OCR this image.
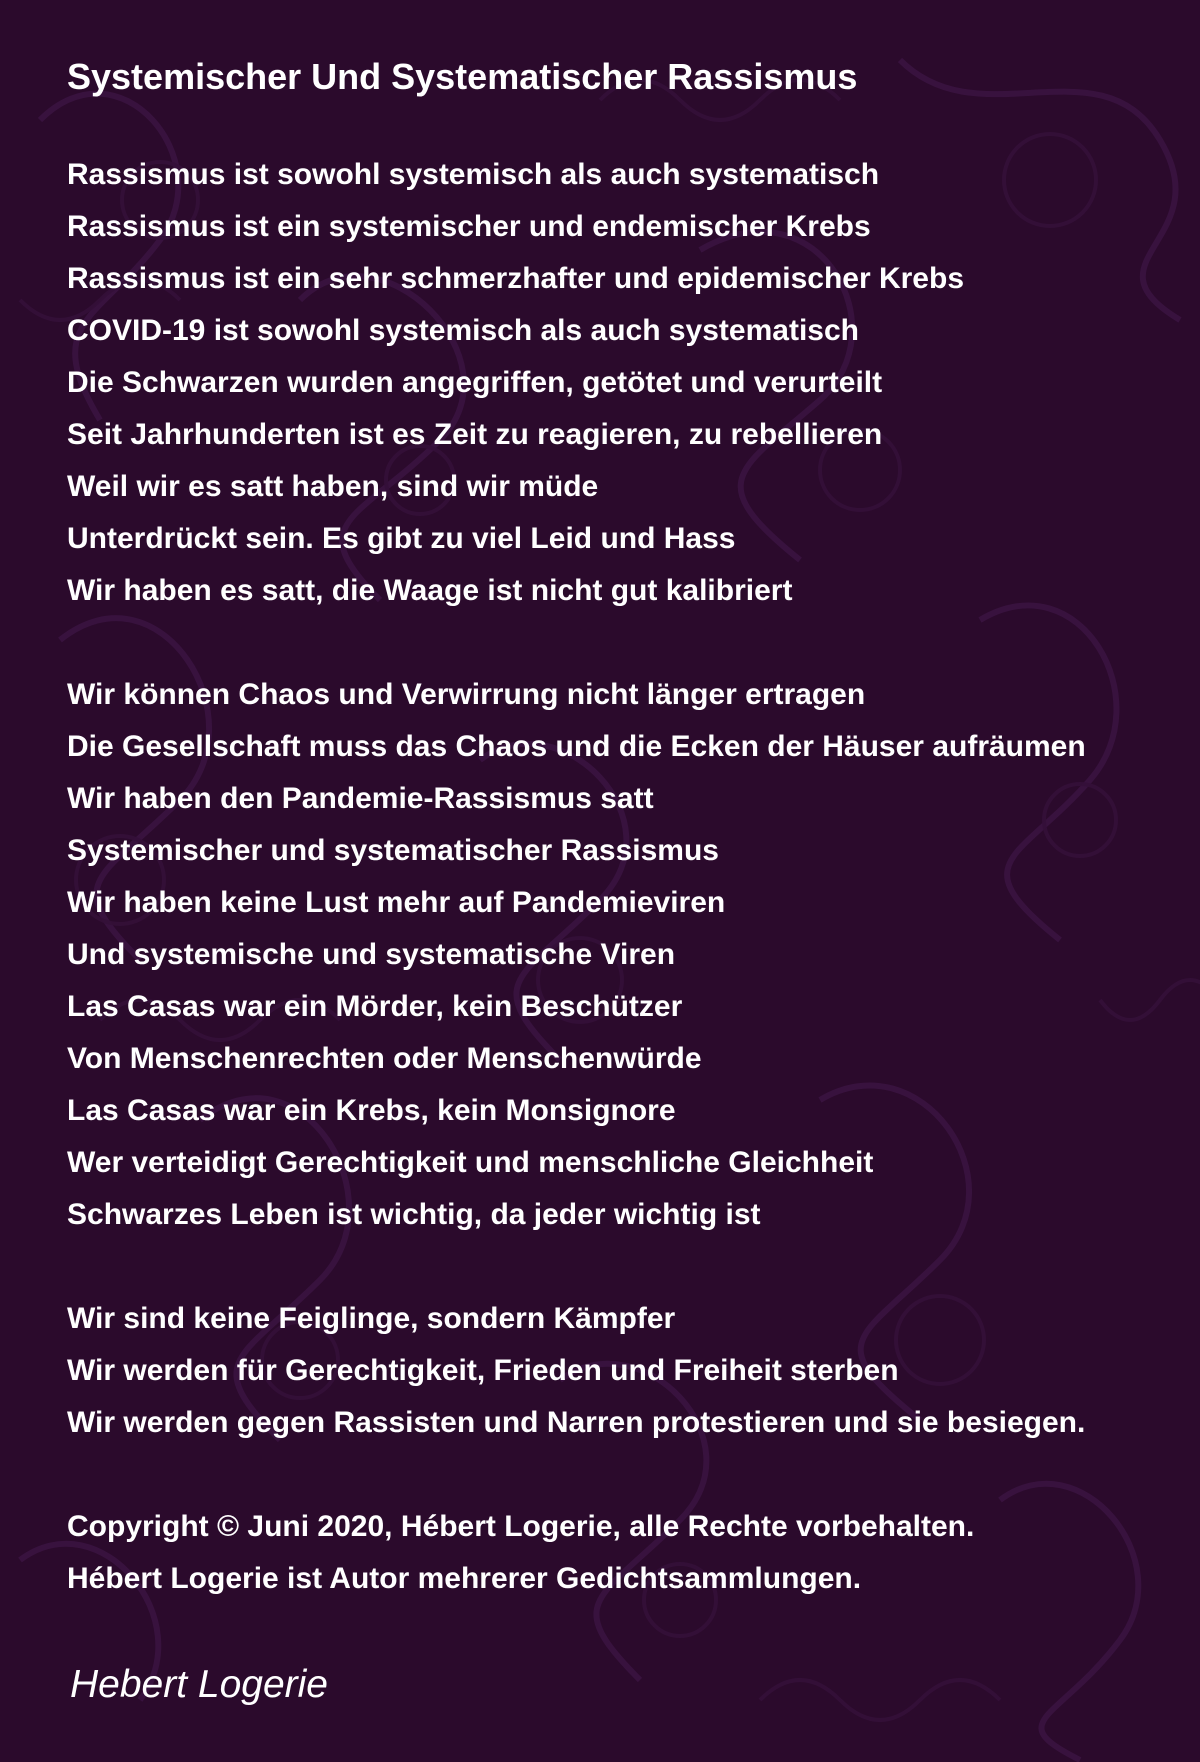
Systemischer Und Systematischer Rassismus
Rassismus ist sowohl systemisch als auch systematisch
Rassismus ist ein systemischer und endemischer Krebs
Rassismus ist ein sehr schmerzhafter und epidemischer Krebs
COVID-19 ist sowohl systemisch als auch systematisch
Die Schwarzen wurden angegriffen, getötet und verurteilt
Seit Jahrhunderten ist es Zeit zu reagieren, zu rebellieren
Weil wir es satt haben, sind wir müde
Unterdrückt sein. Es gibt zu viel Leid und Hass
Wir haben es satt, die Waage ist nicht gut kalibriert
Wir können Chaos und Verwirrung nicht länger ertragen
Die Gesellschaft muss das Chaos und die Ecken der Häuser aufräumen
Wir haben den Pandemie-Rassismus satt
Systemischer und systematischer Rassismus
Wir haben keine Lust mehr auf Pandemieviren
Und systemische und systematische Viren
Las Casas war ein Mörder, kein Beschützer
Von Menschenrechten oder Menschenwürde
Las Casas war ein Krebs, kein Monsignore
Wer verteidigt Gerechtigkeit und menschliche Gleichheit
Schwarzes Leben ist wichtig, da jeder wichtig ist
Wir sind keine Feiglinge, sondern Kämpfer
Wir werden für Gerechtigkeit, Frieden und Freiheit sterben
Wir werden gegen Rassisten und Narren protestieren und sie besiegen.
Copyright © Juni 2020, Hébert Logerie, alle Rechte vorbehalten.
Hébert Logerie ist Autor mehrerer Gedichtsammlungen.
Hebert Logerie
